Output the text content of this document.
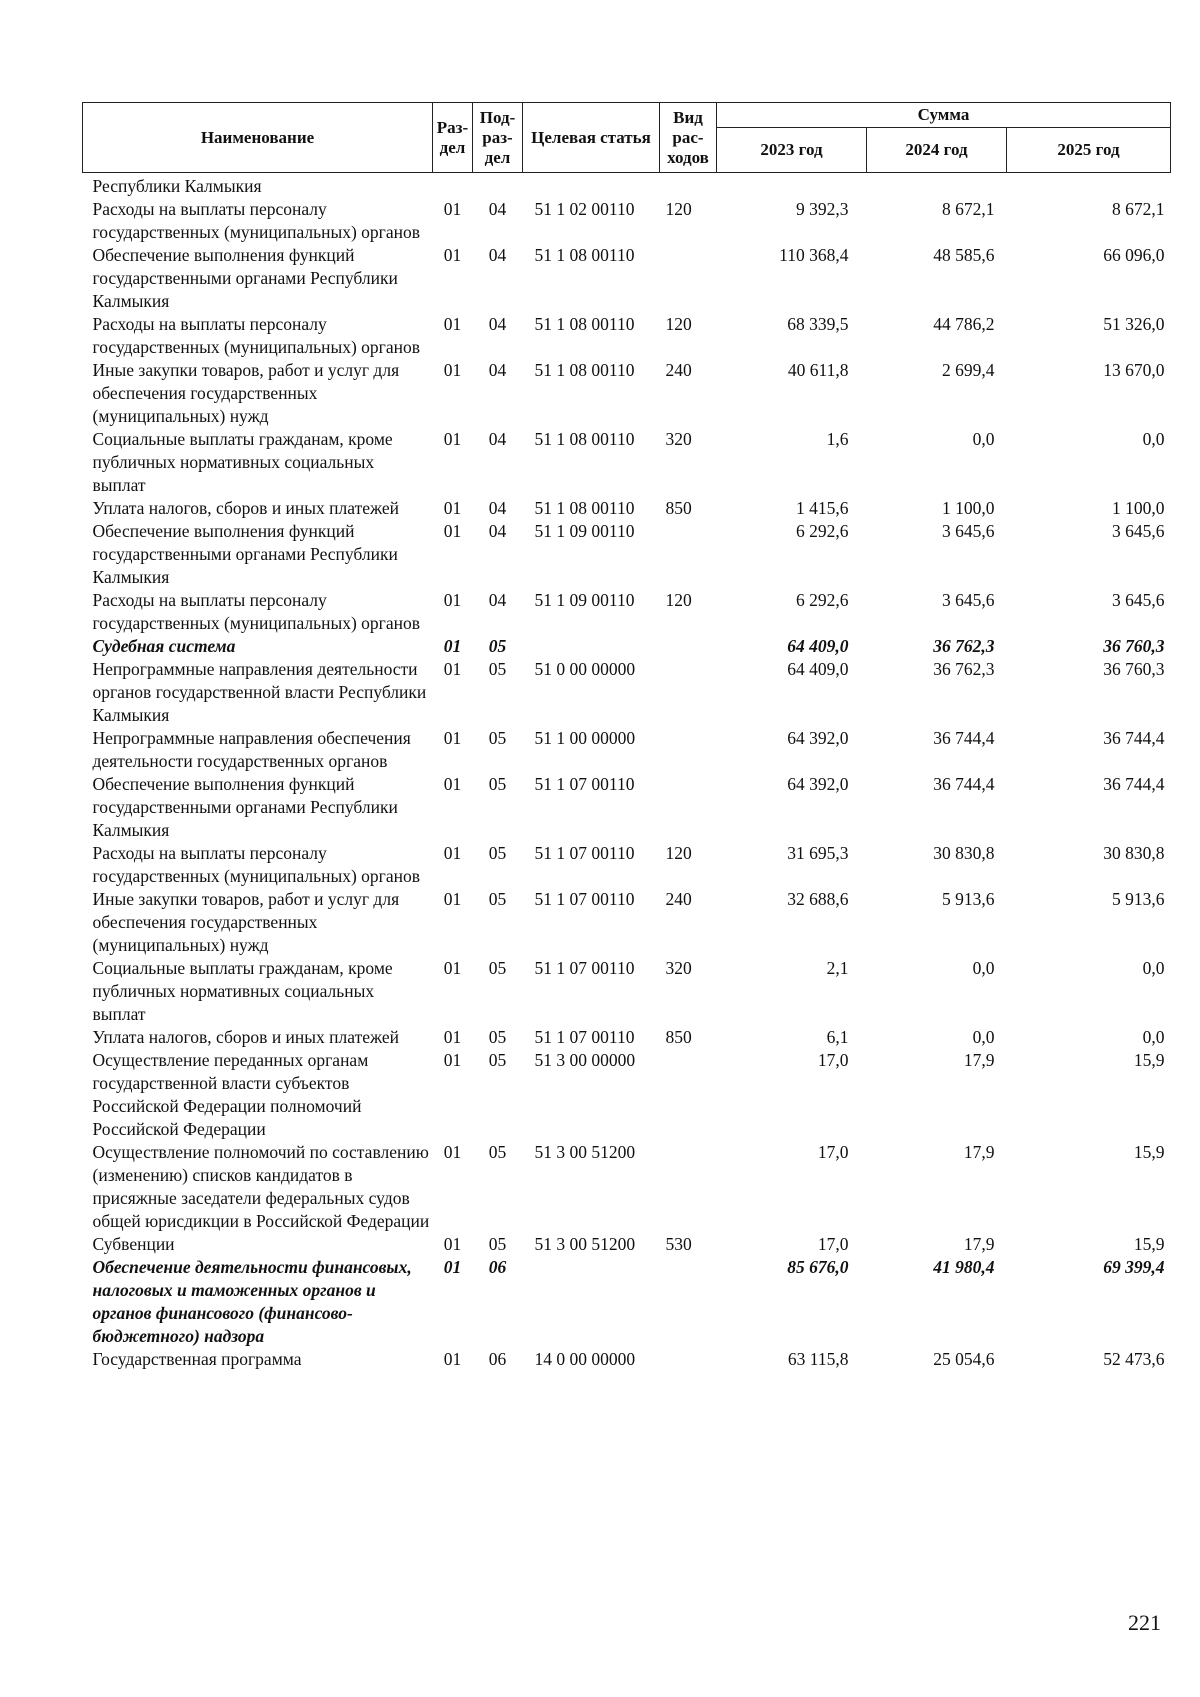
Наименование	Раз-дел	Под-раз-дел	Целевая статья	Вид рас-ходов	Сумма		
					2023 год	2024 год	2025 год
Республики Калмыкия							
Расходы на выплаты персоналу государственных (муниципальных) органов	01	04	51 1 02 00110	120	9 392,3	8 672,1	8 672,1
Обеспечение выполнения функций государственными органами Республики Калмыкия	01	04	51 1 08 00110		110 368,4	48 585,6	66 096,0
Расходы на выплаты персоналу государственных (муниципальных) органов	01	04	51 1 08 00110	120	68 339,5	44 786,2	51 326,0
Иные закупки товаров, работ и услуг для обеспечения государственных (муниципальных) нужд	01	04	51 1 08 00110	240	40 611,8	2 699,4	13 670,0
Социальные выплаты гражданам, кроме публичных нормативных социальных выплат	01	04	51 1 08 00110	320	1,6	0,0	0,0
Уплата налогов, сборов и иных платежей	01	04	51 1 08 00110	850	1 415,6	1 100,0	1 100,0
Обеспечение выполнения функций государственными органами Республики Калмыкия	01	04	51 1 09 00110		6 292,6	3 645,6	3 645,6
Расходы на выплаты персоналу государственных (муниципальных) органов	01	04	51 1 09 00110	120	6 292,6	3 645,6	3 645,6
Судебная система	01	05			64 409,0	36 762,3	36 760,3
Непрограммные направления деятельности органов государственной власти Республики Калмыкия	01	05	51 0 00 00000		64 409,0	36 762,3	36 760,3
Непрограммные направления обеспечения деятельности государственных органов	01	05	51 1 00 00000		64 392,0	36 744,4	36 744,4
Обеспечение выполнения функций государственными органами Республики Калмыкия	01	05	51 1 07 00110		64 392,0	36 744,4	36 744,4
Расходы на выплаты персоналу государственных (муниципальных) органов	01	05	51 1 07 00110	120	31 695,3	30 830,8	30 830,8
Иные закупки товаров, работ и услуг для обеспечения государственных (муниципальных) нужд	01	05	51 1 07 00110	240	32 688,6	5 913,6	5 913,6
Социальные выплаты гражданам, кроме публичных нормативных социальных выплат	01	05	51 1 07 00110	320	2,1	0,0	0,0
Уплата налогов, сборов и иных платежей	01	05	51 1 07 00110	850	6,1	0,0	0,0
Осуществление переданных органам государственной власти субъектов Российской Федерации полномочий Российской Федерации	01	05	51 3 00 00000		17,0	17,9	15,9
Осуществление полномочий по составлению (изменению) списков кандидатов в присяжные заседатели федеральных судов общей юрисдикции в Российской Федерации	01	05	51 3 00 51200		17,0	17,9	15,9
Субвенции	01	05	51 3 00 51200	530	17,0	17,9	15,9
Обеспечение деятельности финансовых, налоговых и таможенных органов и органов финансового (финансово-бюджетного) надзора	01	06			85 676,0	41 980,4	69 399,4
Государственная программа	01	06	14 0 00 00000		63 115,8	25 054,6	52 473,6
221
